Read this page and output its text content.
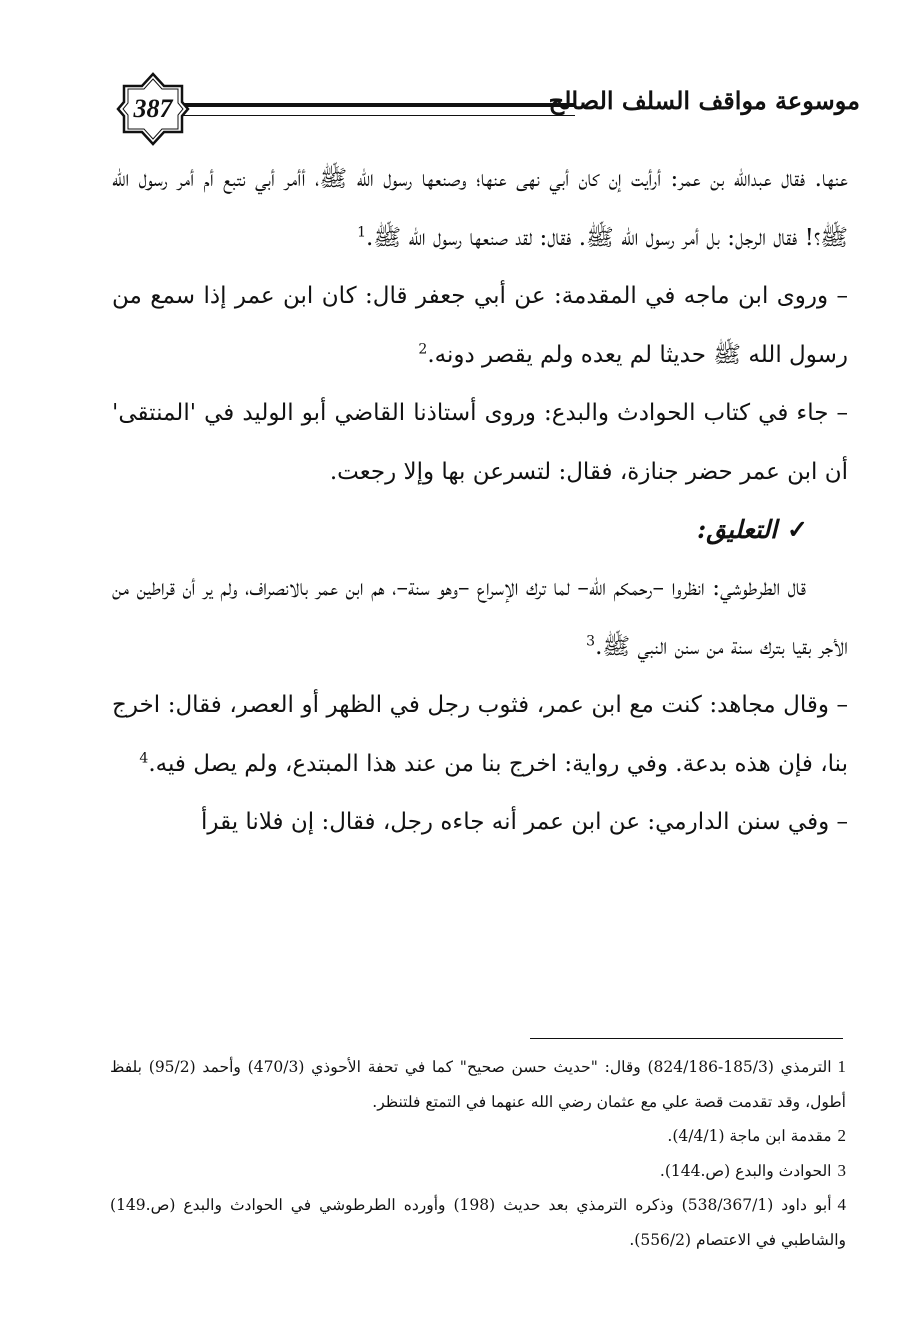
موسوعة مواقف السلف الصالح
387

عنها. فقال عبدالله بن عمر: أرأيت إن كان أبي نهى عنها؛ وصنعها رسول الله ﷺ، أأمر أبي نتبع أم أمر رسول الله ﷺ؟! فقال الرجل: بل أمر رسول الله ﷺ. فقال: لقد صنعها رسول الله ﷺ.$^1$

– وروى ابن ماجه في المقدمة: عن أبي جعفر قال: كان ابن عمر إذا سمع من رسول الله ﷺ حديثا لم يعده ولم يقصر دونه.$^2$

– جاء في كتاب الحوادث والبدع: وروى أستاذنا القاضي أبو الوليد في 'المنتقى' أن ابن عمر حضر جنازة، فقال: لتسرعن بها وإلا رجعت.

✓التعليق:

قال الطرطوشي: انظروا –رحمكم الله– لما ترك الإسراع –وهو سنة–، هم ابن عمر بالانصراف، ولم ير أن قراطين من الأجر بقيا بترك سنة من سنن النبي ﷺ.$^3$

– وقال مجاهد: كنت مع ابن عمر، فثوب رجل في الظهر أو العصر، فقال: اخرج بنا، فإن هذه بدعة. وفي رواية: اخرج بنا من عند هذا المبتدع، ولم يصل فيه.$^4$

– وفي سنن الدارمي: عن ابن عمر أنه جاءه رجل، فقال: إن فلانا يقرأ

1الترمذي (185/3-824/186) وقال: "حديث حسن صحيح" كما في تحفة الأحوذي (470/3) وأحمد (95/2) بلفظ أطول، وقد تقدمت قصة علي مع عثمان رضي الله عنهما في التمتع فلتنظر.

2مقدمة ابن ماجة (4/4/1).

3الحوادث والبدع (ص.144).

4أبو داود (538/367/1) وذكره الترمذي بعد حديث (198) وأورده الطرطوشي في الحوادث والبدع (ص.149) والشاطبي في الاعتصام (556/2).
